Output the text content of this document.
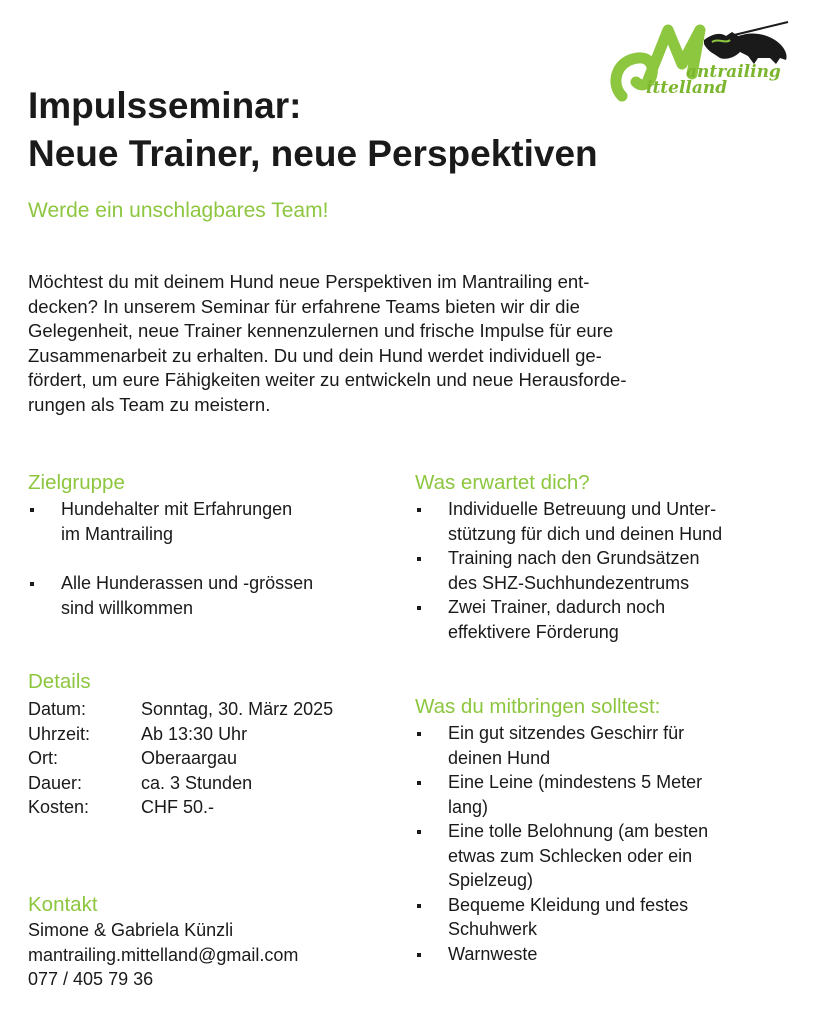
antrailing
ittelland
Impulsseminar:
Neue Trainer, neue Perspektiven
Werde ein unschlagbares Team!
Möchtest du mit deinem Hund neue Perspektiven im Mantrailing ent-
decken? In unserem Seminar für erfahrene Teams bieten wir dir die
Gelegenheit, neue Trainer kennenzulernen und frische Impulse für eure
Zusammenarbeit zu erhalten. Du und dein Hund werdet individuell ge-
fördert, um eure Fähigkeiten weiter zu entwickeln und neue Herausforde-
rungen als Team zu meistern.
Zielgruppe
Hundehalter mit Erfahrungen
im Mantrailing
Alle Hunderassen und -grössen
sind willkommen
Was erwartet dich?
Individuelle Betreuung und Unter-
stützung für dich und deinen Hund
Training nach den Grundsätzen
des SHZ-Suchhundezentrums
Zwei Trainer, dadurch noch
effektivere Förderung
Details
Datum:	Sonntag, 30. März 2025
Uhrzeit:	Ab 13:30 Uhr
Ort:	Oberaargau
Dauer:	ca. 3 Stunden
Kosten:	CHF 50.-
Was du mitbringen solltest:
Ein gut sitzendes Geschirr für
deinen Hund
Eine Leine (mindestens 5 Meter
lang)
Eine tolle Belohnung (am besten
etwas zum Schlecken oder ein
Spielzeug)
Bequeme Kleidung und festes
Schuhwerk
Warnweste
Kontakt
Simone & Gabriela Künzli
mantrailing.mittelland@gmail.com
077 / 405 79 36
